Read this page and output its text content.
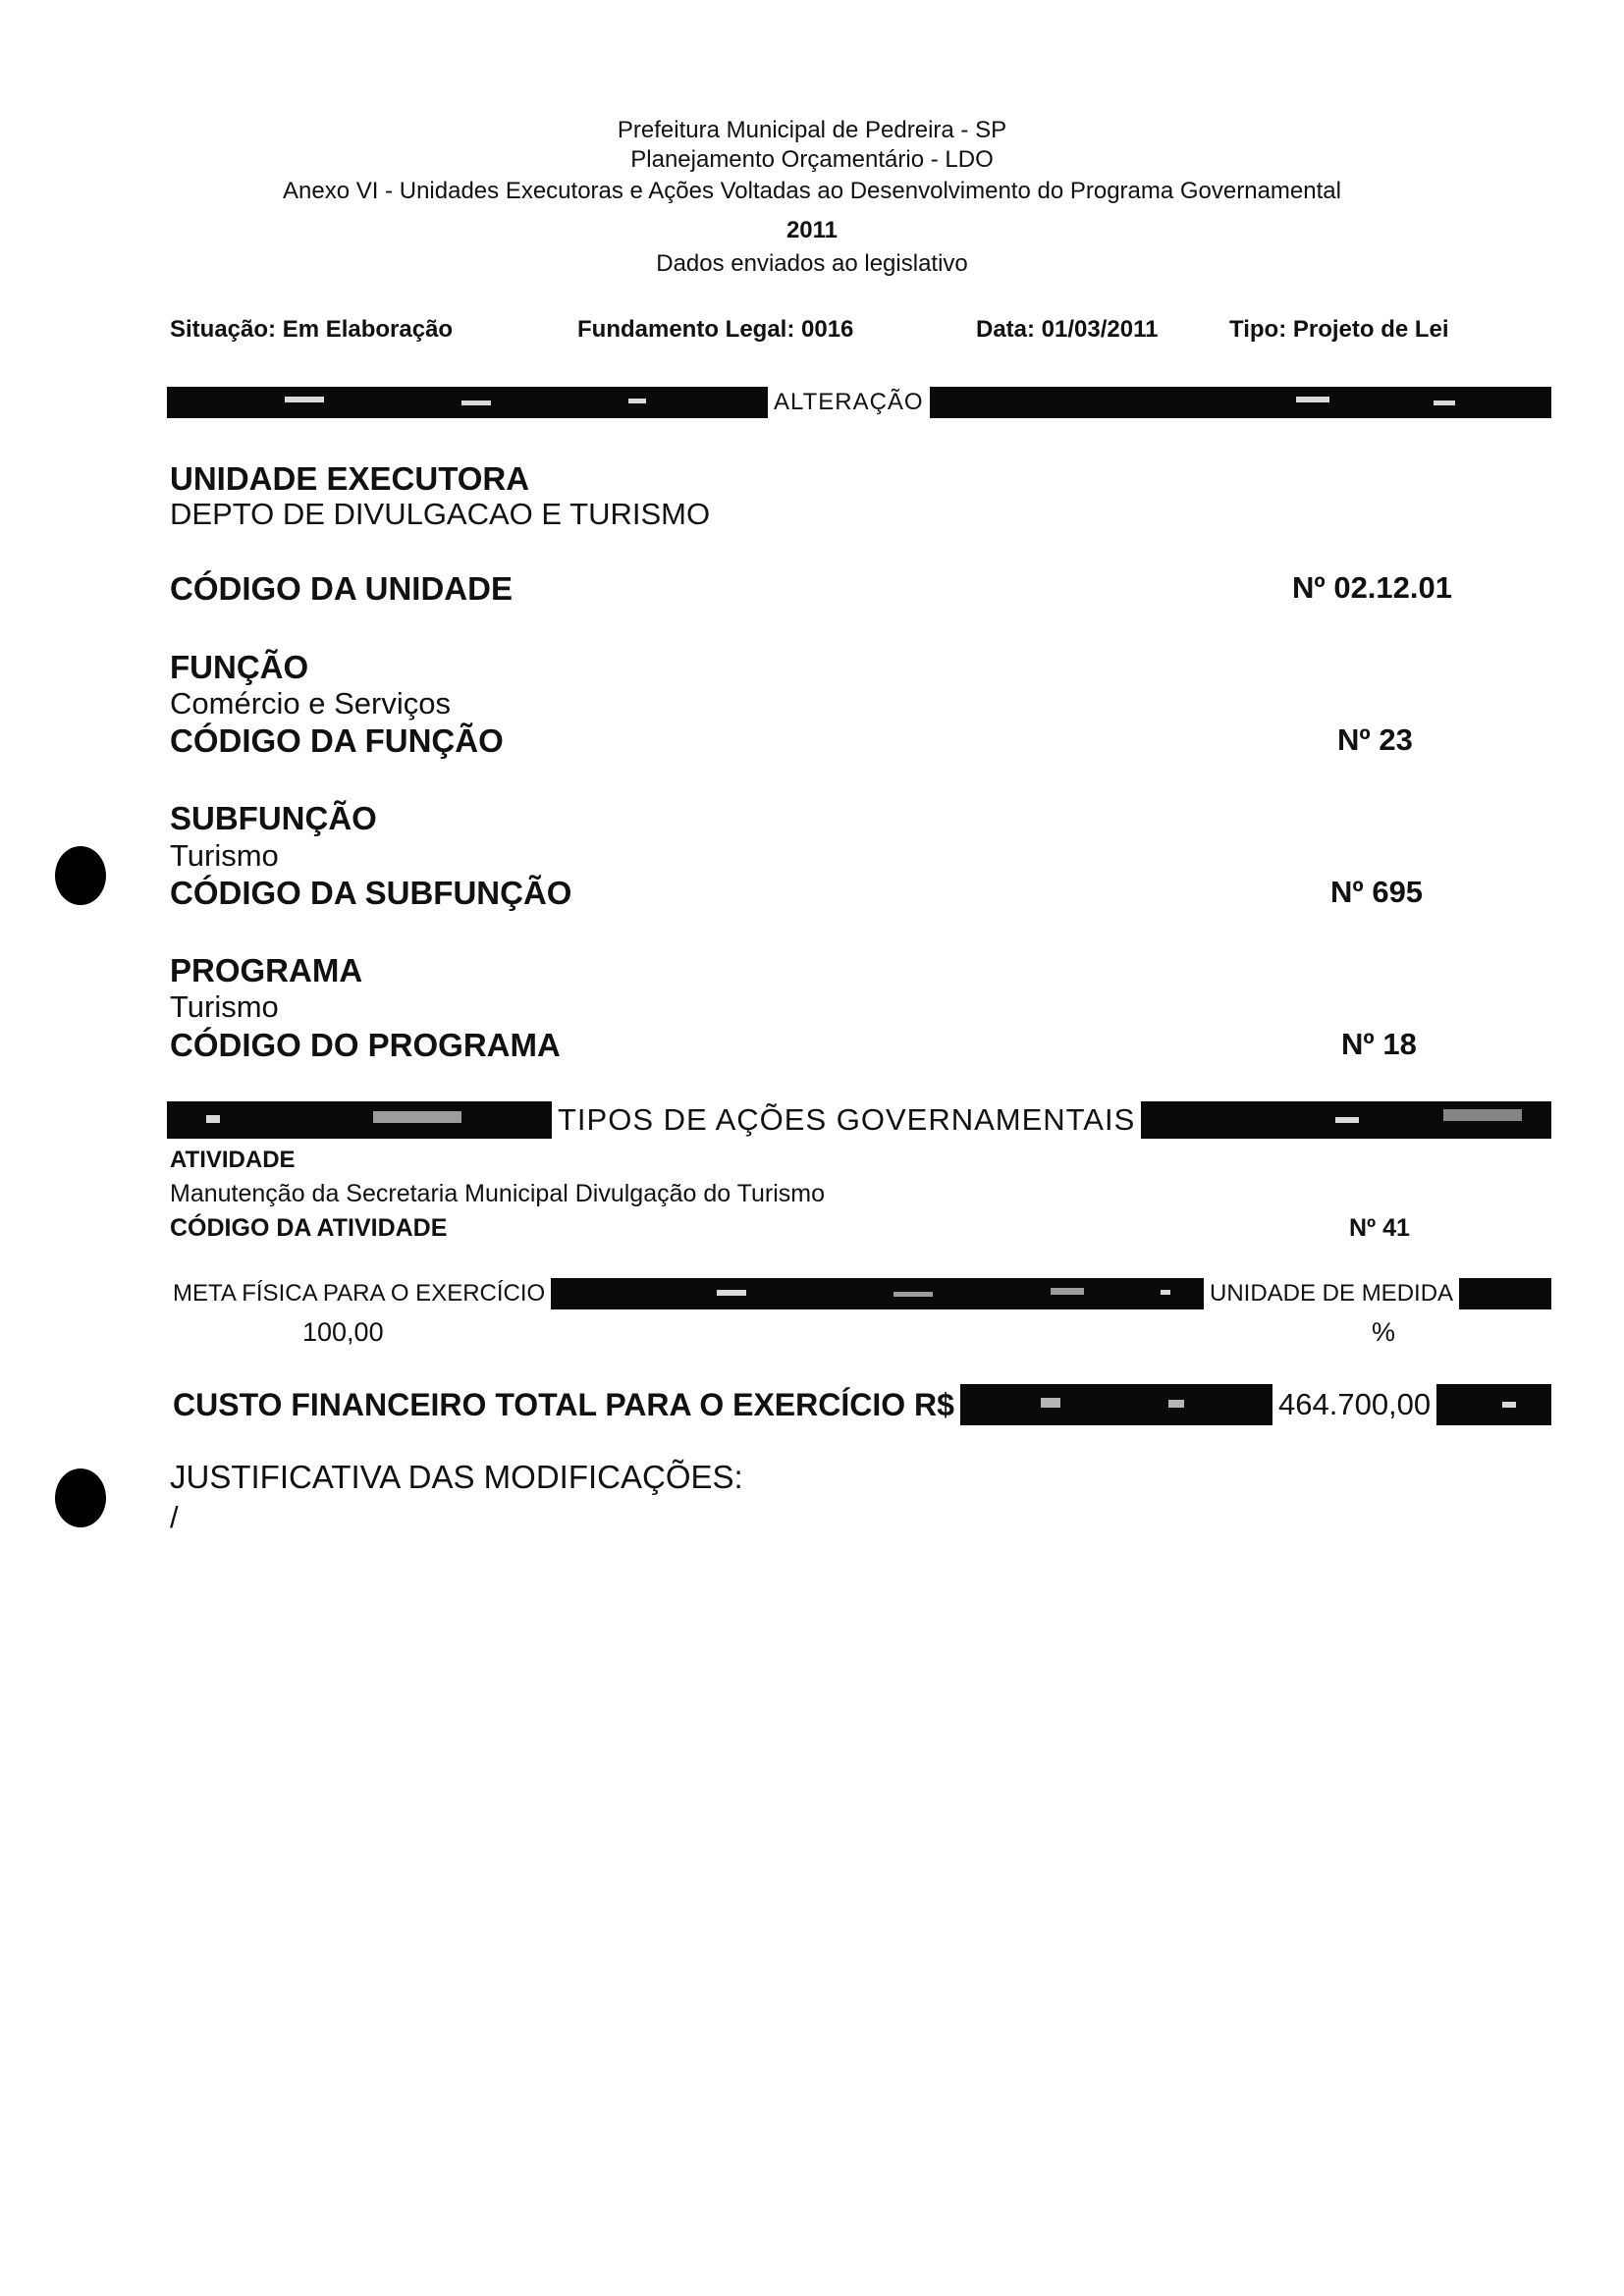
Prefeitura Municipal de Pedreira - SP
Planejamento Orçamentário - LDO
Anexo VI - Unidades Executoras e Ações Voltadas ao Desenvolvimento do Programa Governamental
2011
Dados enviados ao legislativo
Situação: Em Elaboração	Fundamento Legal: 0016	Data: 01/03/2011	Tipo: Projeto de Lei
ALTERAÇÃO
UNIDADE EXECUTORA
DEPTO DE DIVULGACAO E TURISMO
CÓDIGO DA UNIDADE	Nº 02.12.01
FUNÇÃO
Comércio e Serviços
CÓDIGO DA FUNÇÃO	Nº 23
SUBFUNÇÃO
Turismo
CÓDIGO DA SUBFUNÇÃO	Nº 695
PROGRAMA
Turismo
CÓDIGO DO PROGRAMA	Nº 18
TIPOS DE AÇÕES GOVERNAMENTAIS
ATIVIDADE
Manutenção da Secretaria Municipal Divulgação do Turismo
CÓDIGO DA ATIVIDADE	Nº 41
META FÍSICA PARA O EXERCÍCIO	UNIDADE DE MEDIDA
100,00	%
CUSTO FINANCEIRO TOTAL PARA O EXERCÍCIO R$	464.700,00
JUSTIFICATIVA DAS MODIFICAÇÕES:
/
